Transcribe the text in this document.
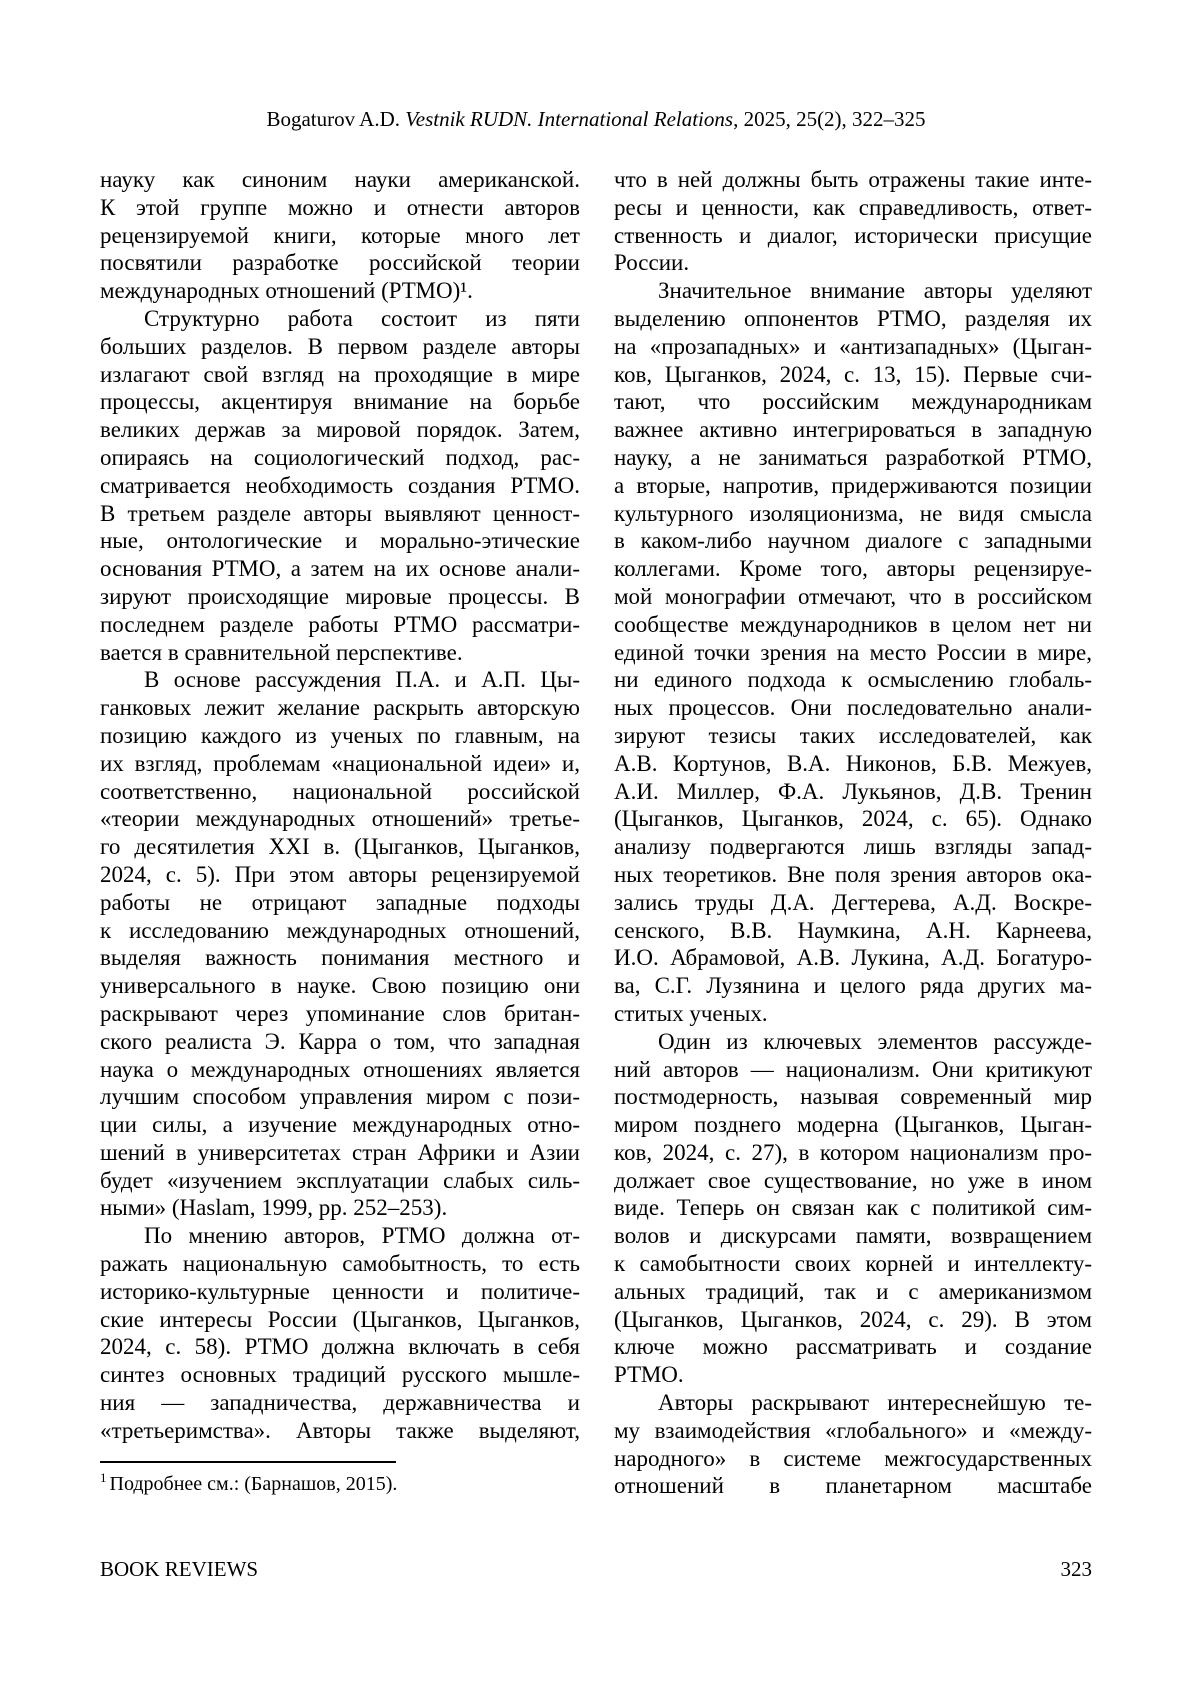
Bogaturov A.D. Vestnik RUDN. International Relations, 2025, 25(2), 322–325
науку как синоним науки американской.
К этой группе можно и отнести авторов
рецензируемой книги, которые много лет
посвятили разработке российской теории
международных отношений (РТМО)¹.
Структурно работа состоит из пяти
больших разделов. В первом разделе авторы
излагают свой взгляд на проходящие в мире
процессы, акцентируя внимание на борьбе
великих держав за мировой порядок. Затем,
опираясь на социологический подход, рас-
сматривается необходимость создания РТМО.
В третьем разделе авторы выявляют ценност-
ные, онтологические и морально-этические
основания РТМО, а затем на их основе анали-
зируют происходящие мировые процессы. В
последнем разделе работы РТМО рассматри-
вается в сравнительной перспективе.
В основе рассуждения П.А. и А.П. Цы-
ганковых лежит желание раскрыть авторскую
позицию каждого из ученых по главным, на
их взгляд, проблемам «национальной идеи» и,
соответственно, национальной российской
«теории международных отношений» третье-
го десятилетия XXI в. (Цыганков, Цыганков,
2024, с. 5). При этом авторы рецензируемой
работы не отрицают западные подходы
к исследованию международных отношений,
выделяя важность понимания местного и
универсального в науке. Свою позицию они
раскрывают через упоминание слов британ-
ского реалиста Э. Карра о том, что западная
наука о международных отношениях является
лучшим способом управления миром с пози-
ции силы, а изучение международных отно-
шений в университетах стран Африки и Азии
будет «изучением эксплуатации слабых силь-
ными» (Haslam, 1999, pp. 252–253).
По мнению авторов, РТМО должна от-
ражать национальную самобытность, то есть
историко-культурные ценности и политиче-
ские интересы России (Цыганков, Цыганков,
2024, с. 58). РТМО должна включать в себя
синтез основных традиций русского мышле-
ния — западничества, державничества и
«третьеримства». Авторы также выделяют,
$^1$ Подробнее см.: (Барнашов, 2015).
что в ней должны быть отражены такие инте-
ресы и ценности, как справедливость, ответ-
ственность и диалог, исторически присущие
России.
Значительное внимание авторы уделяют
выделению оппонентов РТМО, разделяя их
на «прозападных» и «антизападных» (Цыган-
ков, Цыганков, 2024, с. 13, 15). Первые счи-
тают, что российским международникам
важнее активно интегрироваться в западную
науку, а не заниматься разработкой РТМО,
а вторые, напротив, придерживаются позиции
культурного изоляционизма, не видя смысла
в каком-либо научном диалоге с западными
коллегами. Кроме того, авторы рецензируе-
мой монографии отмечают, что в российском
сообществе международников в целом нет ни
единой точки зрения на место России в мире,
ни единого подхода к осмыслению глобаль-
ных процессов. Они последовательно анали-
зируют тезисы таких исследователей, как
А.В. Кортунов, В.А. Никонов, Б.В. Межуев,
А.И. Миллер, Ф.А. Лукьянов, Д.В. Тренин
(Цыганков, Цыганков, 2024, с. 65). Однако
анализу подвергаются лишь взгляды запад-
ных теоретиков. Вне поля зрения авторов ока-
зались труды Д.А. Дегтерева, А.Д. Воскре-
сенского, В.В. Наумкина, А.Н. Карнеева,
И.О. Абрамовой, А.В. Лукина, А.Д. Богатуро-
ва, С.Г. Лузянина и целого ряда других ма-
ститых ученых.
Один из ключевых элементов рассужде-
ний авторов — национализм. Они критикуют
постмодерность, называя современный мир
миром позднего модерна (Цыганков, Цыган-
ков, 2024, с. 27), в котором национализм про-
должает свое существование, но уже в ином
виде. Теперь он связан как с политикой сим-
волов и дискурсами памяти, возвращением
к самобытности своих корней и интеллекту-
альных традиций, так и с американизмом
(Цыганков, Цыганков, 2024, с. 29). В этом
ключе можно рассматривать и создание
РТМО.
Авторы раскрывают интереснейшую те-
му взаимодействия «глобального» и «между-
народного» в системе межгосударственных
отношений в планетарном масштабе
BOOK REVIEWS	323
